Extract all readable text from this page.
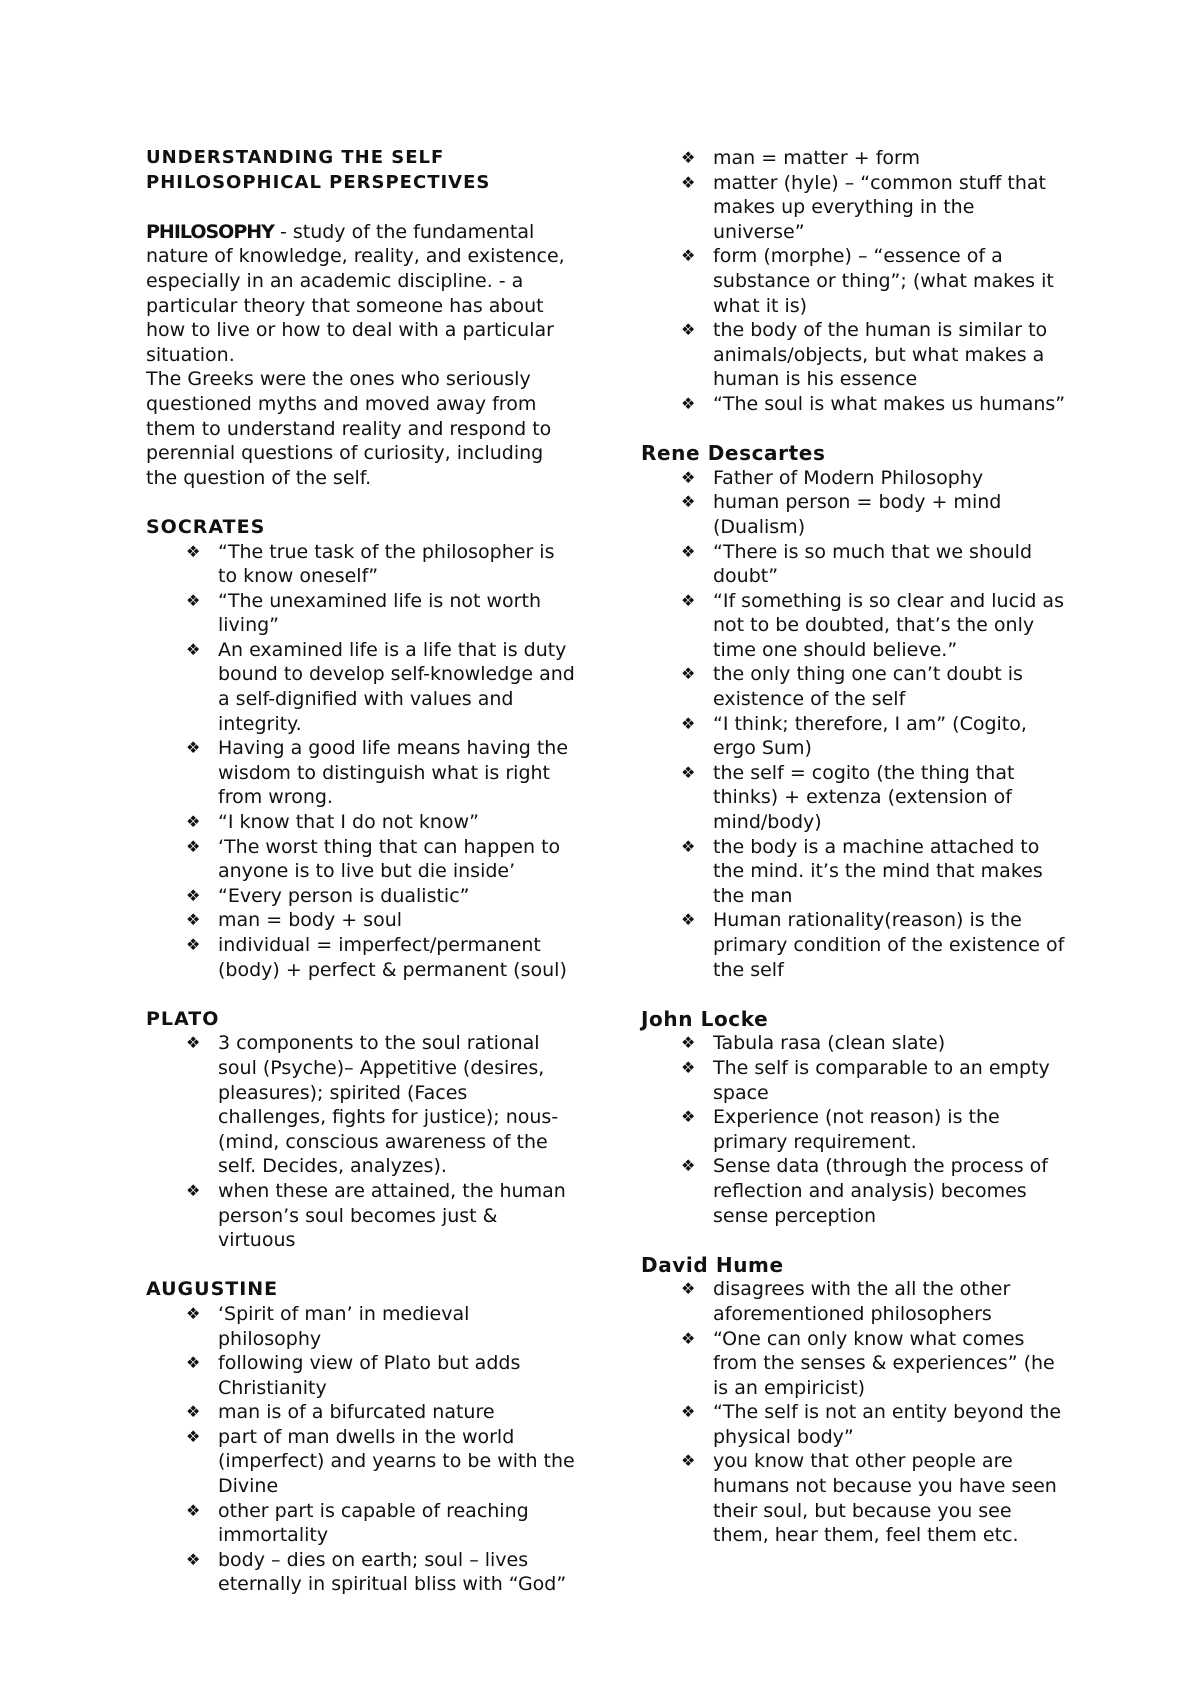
UNDERSTANDING THE SELF

PHILOSOPHICAL PERSPECTIVES

PHILOSOPHY - study of the fundamental nature of knowledge, reality, and existence, especially in an academic discipline. - a particular theory that someone has about how to live or how to deal with a particular situation.

The Greeks were the ones who seriously questioned myths and moved away from them to understand reality and respond to perennial questions of curiosity, including the question of the self.

SOCRATES

❖ “The true task of the philosopher is to know oneself”
❖ “The unexamined life is not worth living”
❖ An examined life is a life that is duty bound to develop self-knowledge and a self-dignified with values and integrity.
❖ Having a good life means having the wisdom to distinguish what is right from wrong.
❖ “I know that I do not know”
❖ ‘The worst thing that can happen to anyone is to live but die inside’
❖ “Every person is dualistic”
❖ man = body + soul
❖ individual = imperfect/permanent (body) + perfect & permanent (soul)

PLATO

❖ 3 components to the soul rational soul (Psyche)– Appetitive (desires, pleasures); spirited (Faces challenges, fights for justice); nous- (mind, conscious awareness of the self. Decides, analyzes).
❖ when these are attained, the human person’s soul becomes just & virtuous

AUGUSTINE

❖ ‘Spirit of man’ in medieval philosophy
❖ following view of Plato but adds Christianity
❖ man is of a bifurcated nature
❖ part of man dwells in the world (imperfect) and yearns to be with the Divine
❖ other part is capable of reaching immortality
❖ body – dies on earth; soul – lives eternally in spiritual bliss with “God”
❖ man = matter + form
❖ matter (hyle) – “common stuff that makes up everything in the universe”
❖ form (morphe) – “essence of a substance or thing”; (what makes it what it is)
❖ the body of the human is similar to animals/objects, but what makes a human is his essence
❖ “The soul is what makes us humans”

Rene Descartes

❖ Father of Modern Philosophy
❖ human person = body + mind (Dualism)
❖ “There is so much that we should doubt”
❖ “If something is so clear and lucid as not to be doubted, that’s the only time one should believe.”
❖ the only thing one can’t doubt is existence of the self
❖ “I think; therefore, I am” (Cogito, ergo Sum)
❖ the self = cogito (the thing that thinks) + extenza (extension of mind/body)
❖ the body is a machine attached to the mind. it’s the mind that makes the man
❖ Human rationality(reason) is the primary condition of the existence of the self

John Locke

❖ Tabula rasa (clean slate)
❖ The self is comparable to an empty space
❖ Experience (not reason) is the primary requirement.
❖ Sense data (through the process of reflection and analysis) becomes sense perception

David Hume

❖ disagrees with the all the other aforementioned philosophers
❖ “One can only know what comes from the senses & experiences” (he is an empiricist)
❖ “The self is not an entity beyond the physical body”
❖ you know that other people are humans not because you have seen their soul, but because you see them, hear them, feel them etc.
